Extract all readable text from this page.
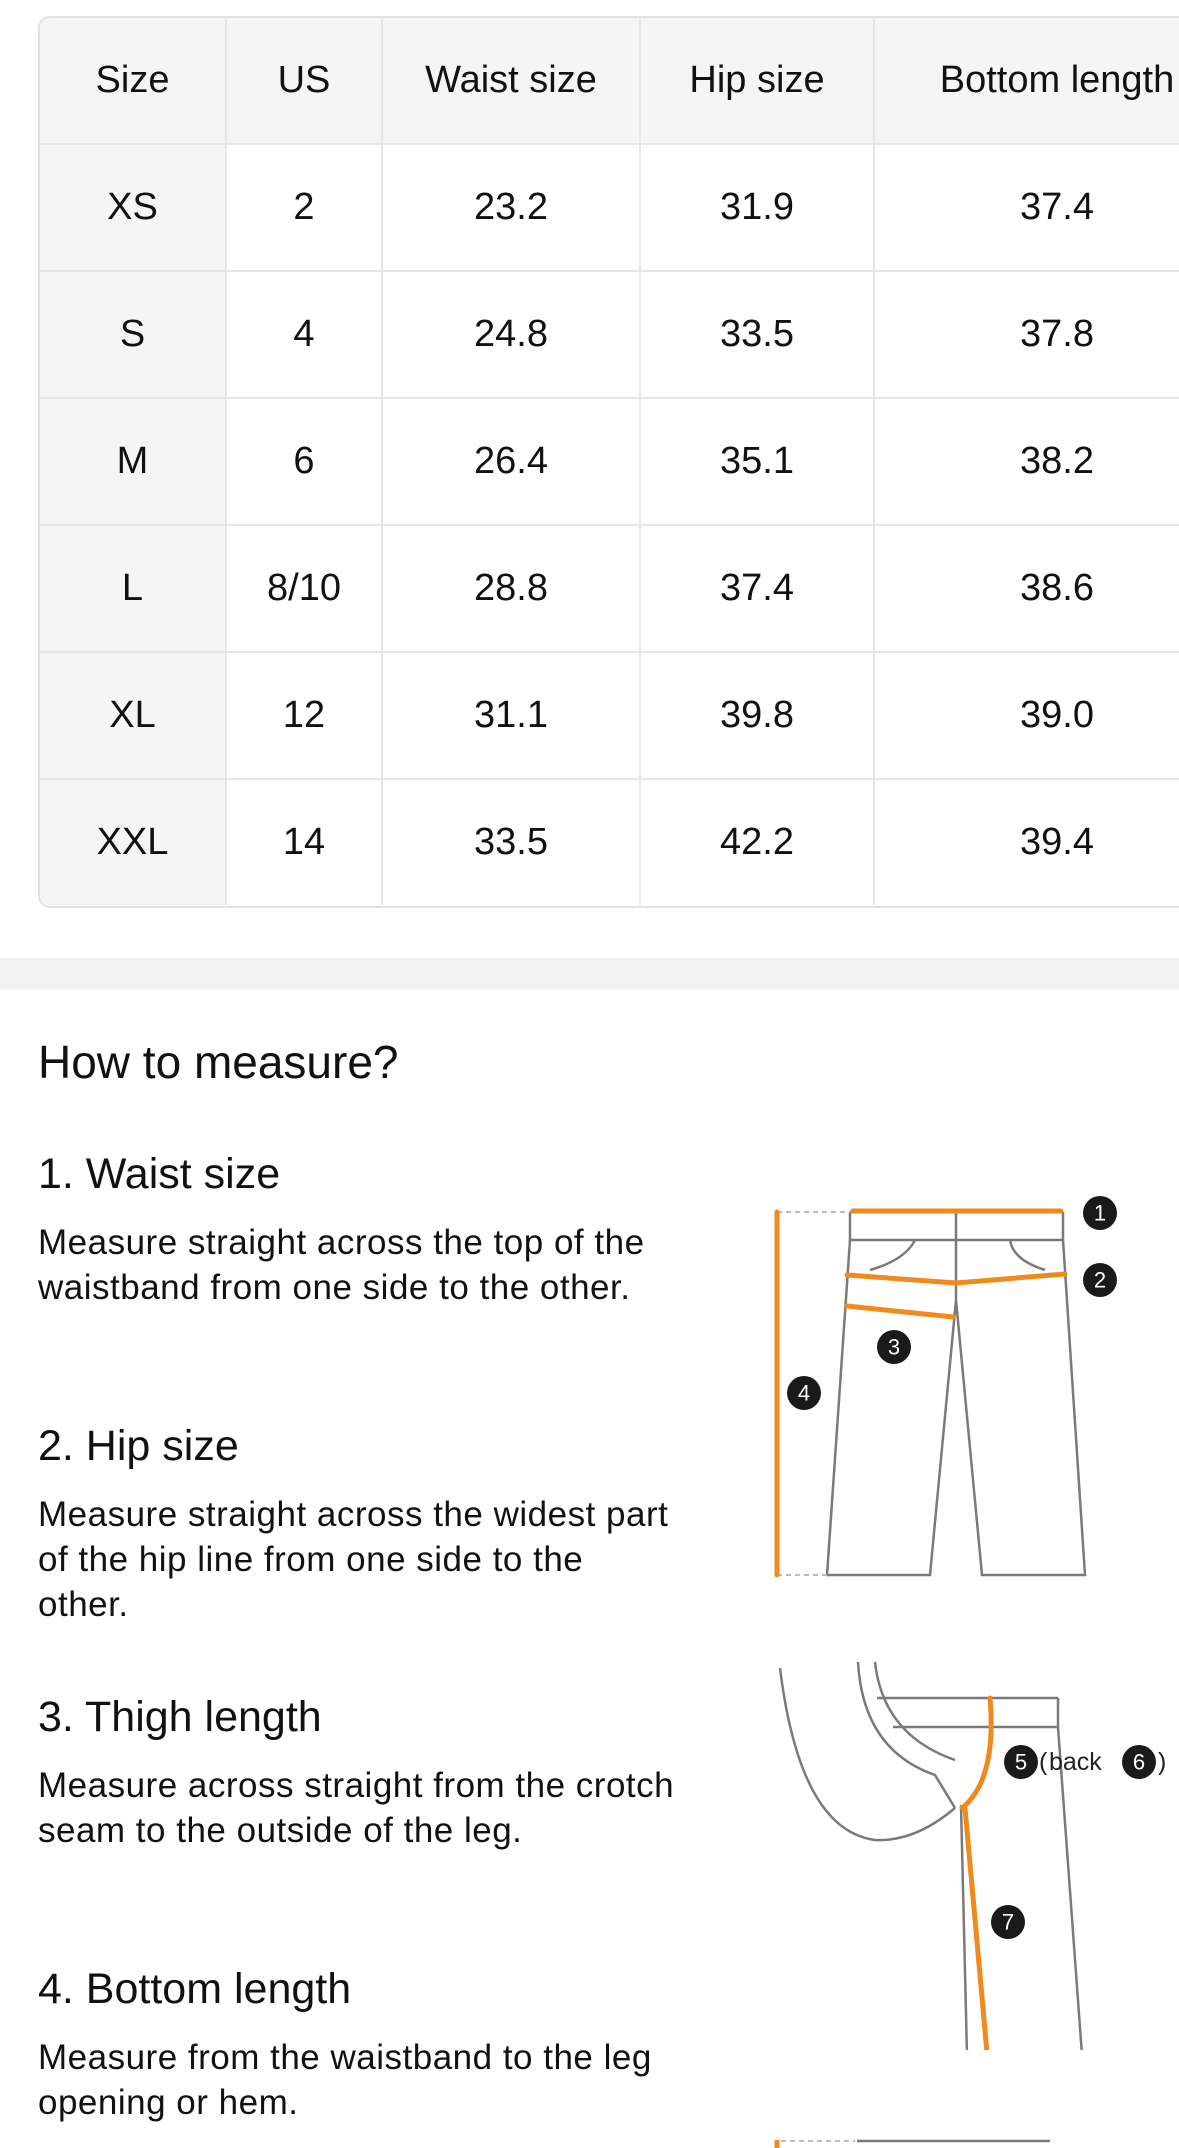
Size	US	Waist size	Hip size	Bottom length
XS	2	23.2	31.9	37.4
S	4	24.8	33.5	37.8
M	6	26.4	35.1	38.2
L	8/10	28.8	37.4	38.6
XL	12	31.1	39.8	39.0
XXL	14	33.5	42.2	39.4
How to measure?
1. Waist size

Measure straight across the top of the waistband from one side to the other.

2. Hip size

Measure straight across the widest part of the hip line from one side to the other.

3. Thigh length

Measure across straight from the crotch seam to the outside of the leg.

4. Bottom length

Measure from the waistband to the leg opening or hem.

1
2
3
4
5 ( back 6 )
7
